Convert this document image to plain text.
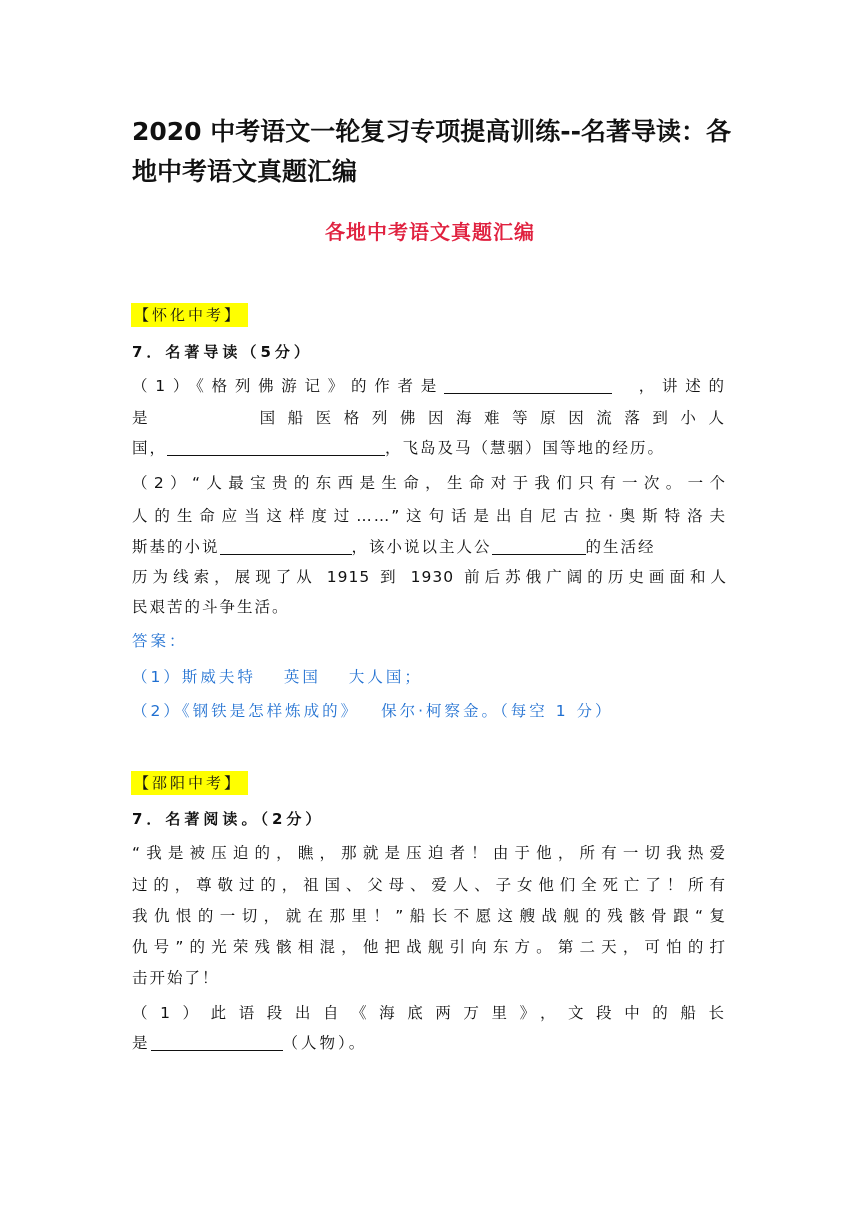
2020 中考语文一轮复习专项提高训练--名著导读：各
地中考语文真题汇编
各地中考语文真题汇编
【怀化中考】
7．名著导读（5分）
（1）《格列佛游记》的作者是	，讲述的
是	国船医格列佛因海难等原因流落到小人
国，	，飞岛及马（慧骃）国等地的经历。
（2）“人最宝贵的东西是生命，生命对于我们只有一次。一个
人的生命应当这样度过……”这句话是出自尼古拉·奥斯特洛夫
斯基的小说	，该小说以主人公	的生活经
历为线索，展现了从 1915 到 1930 前后苏俄广阔的历史画面和人
民艰苦的斗争生活。
答案：
（1）斯威夫特 英国 大人国；
（2）《钢铁是怎样炼成的》 保尔·柯察金。（每空 1 分）
【邵阳中考】
7．名著阅读。（2分）
“我是被压迫的，瞧，那就是压迫者！由于他，所有一切我热爱
过的，尊敬过的，祖国、父母、爱人、子女他们全死亡了！所有
我仇恨的一切，就在那里！”船长不愿这艘战舰的残骸骨跟“复
仇号”的光荣残骸相混，他把战舰引向东方。第二天，可怕的打
击开始了！
（1）此语段出自《海底两万里》，文段中的船长
是	（人物）。
